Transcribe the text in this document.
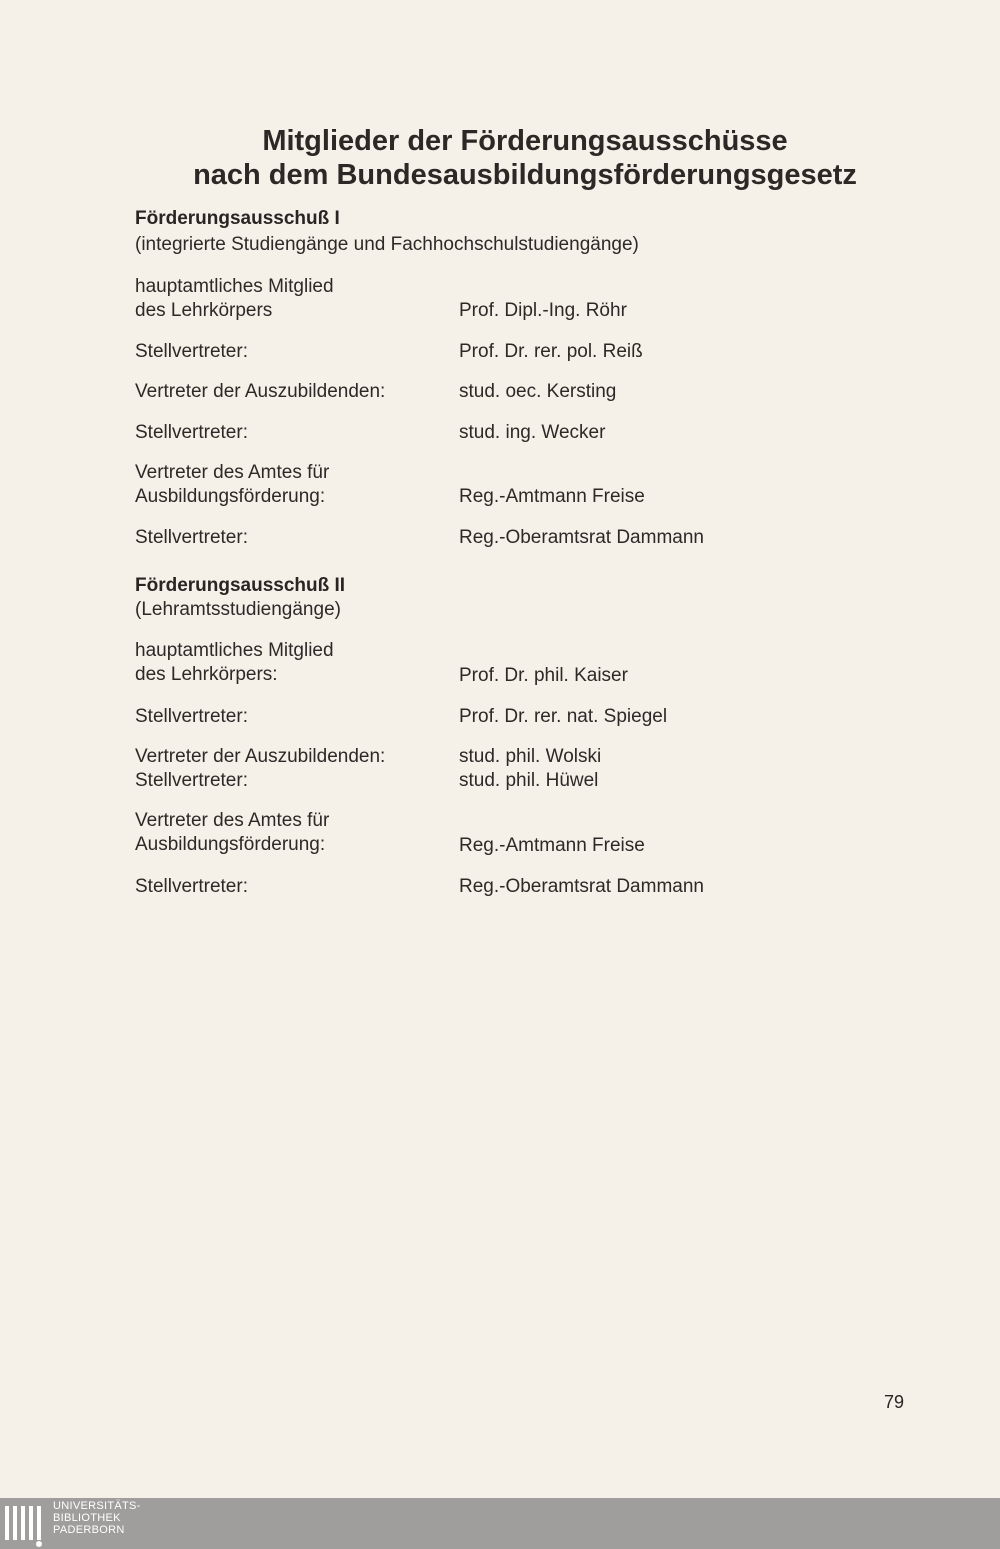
Mitglieder der Förderungsausschüsse
nach dem Bundesausbildungsförderungsgesetz
Förderungsausschuß I
(integrierte Studiengänge und Fachhochschulstudiengänge)
hauptamtliches Mitglied
des Lehrkörpers	Prof. Dipl.-Ing. Röhr
Stellvertreter:	Prof. Dr. rer. pol. Reiß
Vertreter der Auszubildenden:	stud. oec. Kersting
Stellvertreter:	stud. ing. Wecker
Vertreter des Amtes für
Ausbildungsförderung:	Reg.-Amtmann Freise
Stellvertreter:	Reg.-Oberamtsrat Dammann
Förderungsausschuß II
(Lehramtsstudiengänge)
hauptamtliches Mitglied
des Lehrkörpers:	Prof. Dr. phil. Kaiser
Stellvertreter:	Prof. Dr. rer. nat. Spiegel
Vertreter der Auszubildenden:	stud. phil. Wolski
Stellvertreter:	stud. phil. Hüwel
Vertreter des Amtes für
Ausbildungsförderung:	Reg.-Amtmann Freise
Stellvertreter:	Reg.-Oberamtsrat Dammann
79
UNIVERSITÄTS-
BIBLIOTHEK
PADERBORN
